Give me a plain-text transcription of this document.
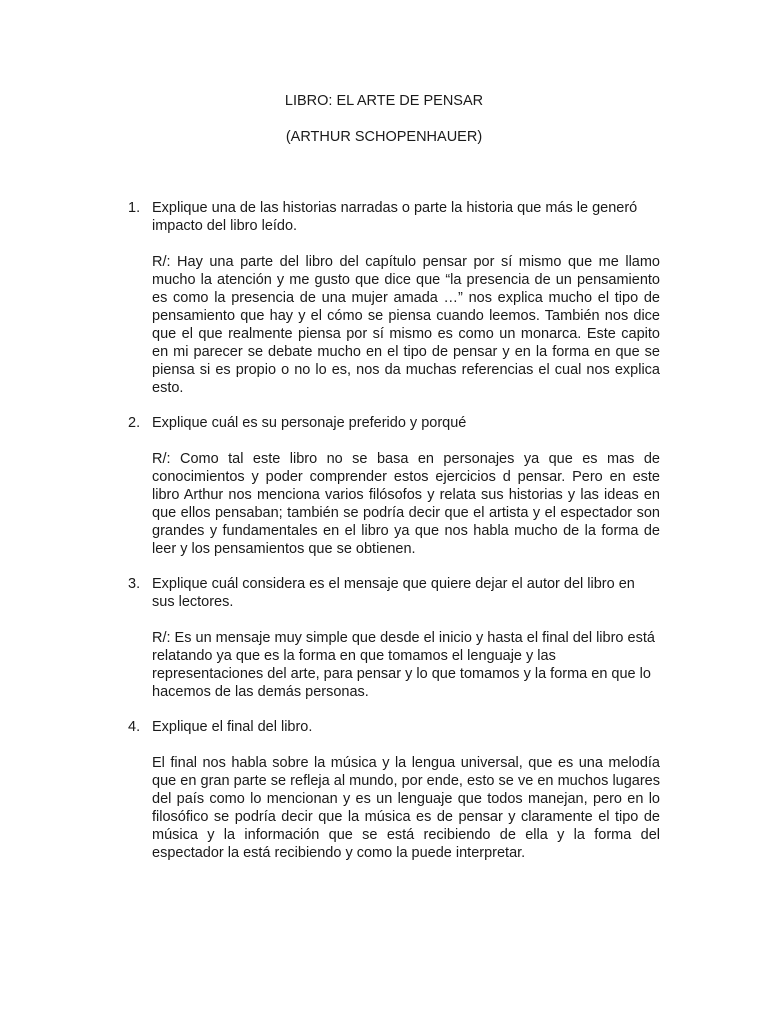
LIBRO: EL ARTE DE PENSAR
(ARTHUR SCHOPENHAUER)
1. Explique una de las historias narradas o parte la historia que más le generó impacto del libro leído.
R/: Hay una parte del libro del capítulo pensar por sí mismo que me llamo mucho la atención y me gusto que dice que “la presencia de un pensamiento es como la presencia de una mujer amada …” nos explica mucho el tipo de pensamiento que hay y el cómo se piensa cuando leemos. También nos dice que el que realmente piensa por sí mismo es como un monarca. Este capito en mi parecer se debate mucho en el tipo de pensar y en la forma en que se piensa si es propio o no lo es, nos da muchas referencias el cual nos explica esto.
2. Explique cuál es su personaje preferido y porqué
R/: Como tal este libro no se basa en personajes ya que es mas de conocimientos y poder comprender estos ejercicios d pensar. Pero en este libro Arthur nos menciona varios filósofos y relata sus historias y las ideas en que ellos pensaban; también se podría decir que el artista y el espectador son grandes y fundamentales en el libro ya que nos habla mucho de la forma de leer y los pensamientos que se obtienen.
3. Explique cuál considera es el mensaje que quiere dejar el autor del libro en sus lectores.
R/: Es un mensaje muy simple que desde el inicio y hasta el final del libro está relatando ya que es la forma en que tomamos el lenguaje y las representaciones del arte, para pensar y lo que tomamos y la forma en que lo hacemos de las demás personas.
4. Explique el final del libro.
El final nos habla sobre la música y la lengua universal, que es una melodía que en gran parte se refleja al mundo, por ende, esto se ve en muchos lugares del país como lo mencionan y es un lenguaje que todos manejan, pero en lo filosófico se podría decir que la música es de pensar y claramente el tipo de música y la información que se está recibiendo de ella y la forma del espectador la está recibiendo y como la puede interpretar.
